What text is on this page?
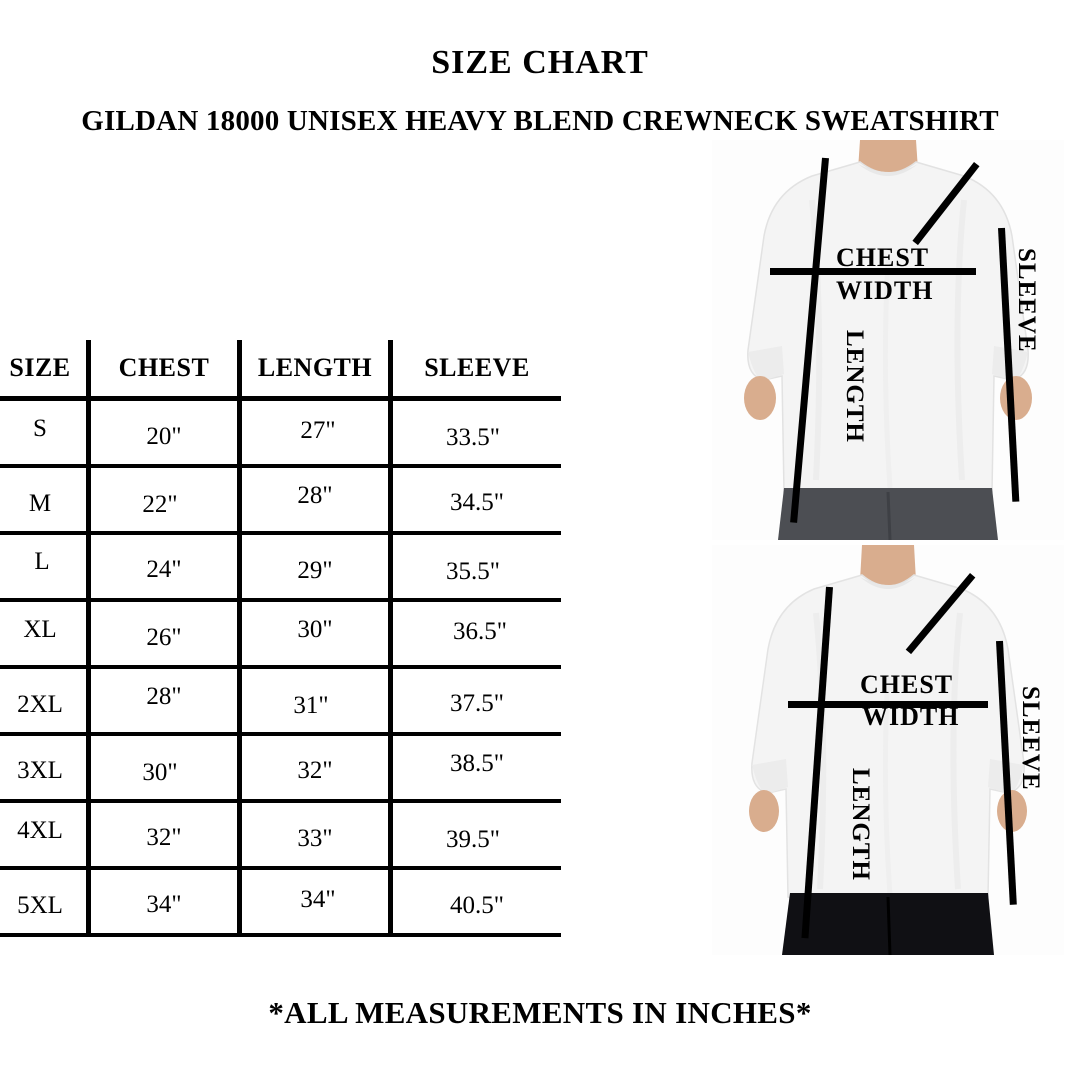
SIZE CHART
GILDAN 18000 UNISEX HEAVY BLEND CREWNECK SWEATSHIRT
SIZE	CHEST	LENGTH	SLEEVE
S	20"	27"	33.5"
M	22"	28"	34.5"
L	24"	29"	35.5"
XL	26"	30"	36.5"
2XL	28"	31"	37.5"
3XL	30"	32"	38.5"
4XL	32"	33"	39.5"
5XL	34"	34"	40.5"
CHEST
WIDTH
LENGTH
SLEEVE
CHEST
WIDTH
LENGTH
SLEEVE
*ALL MEASUREMENTS IN INCHES*
